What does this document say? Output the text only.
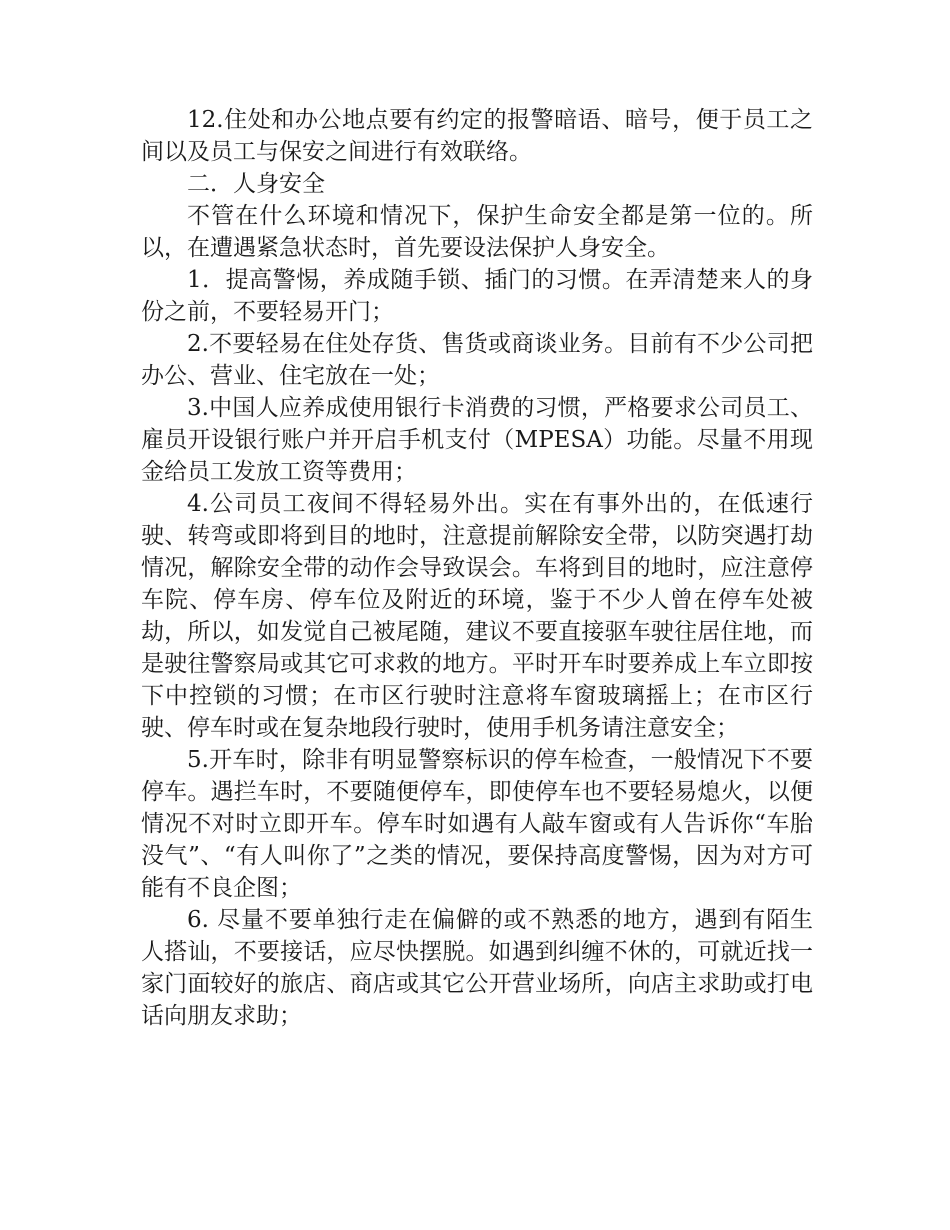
12.住处和办公地点要有约定的报警暗语、暗号，便于员工之间以及员工与保安之间进行有效联络。

二．人身安全

不管在什么环境和情况下，保护生命安全都是第一位的。所以，在遭遇紧急状态时，首先要设法保护人身安全。

1．提高警惕，养成随手锁、插门的习惯。在弄清楚来人的身份之前，不要轻易开门；

2.不要轻易在住处存货、售货或商谈业务。目前有不少公司把办公、营业、住宅放在一处；

3.中国人应养成使用银行卡消费的习惯，严格要求公司员工、雇员开设银行账户并开启手机支付（MPESA）功能。尽量不用现金给员工发放工资等费用；

4.公司员工夜间不得轻易外出。实在有事外出的，在低速行驶、转弯或即将到目的地时，注意提前解除安全带，以防突遇打劫情况，解除安全带的动作会导致误会。车将到目的地时，应注意停车院、停车房、停车位及附近的环境，鉴于不少人曾在停车处被劫，所以，如发觉自己被尾随，建议不要直接驱车驶往居住地，而是驶往警察局或其它可求救的地方。平时开车时要养成上车立即按下中控锁的习惯；在市区行驶时注意将车窗玻璃摇上；在市区行驶、停车时或在复杂地段行驶时，使用手机务请注意安全；

5.开车时，除非有明显警察标识的停车检查，一般情况下不要停车。遇拦车时，不要随便停车，即使停车也不要轻易熄火，以便情况不对时立即开车。停车时如遇有人敲车窗或有人告诉你“车胎没气”、“有人叫你了”之类的情况，要保持高度警惕，因为对方可能有不良企图；

6. 尽量不要单独行走在偏僻的或不熟悉的地方，遇到有陌生人搭讪，不要接话，应尽快摆脱。如遇到纠缠不休的，可就近找一家门面较好的旅店、商店或其它公开营业场所，向店主求助或打电话向朋友求助；
